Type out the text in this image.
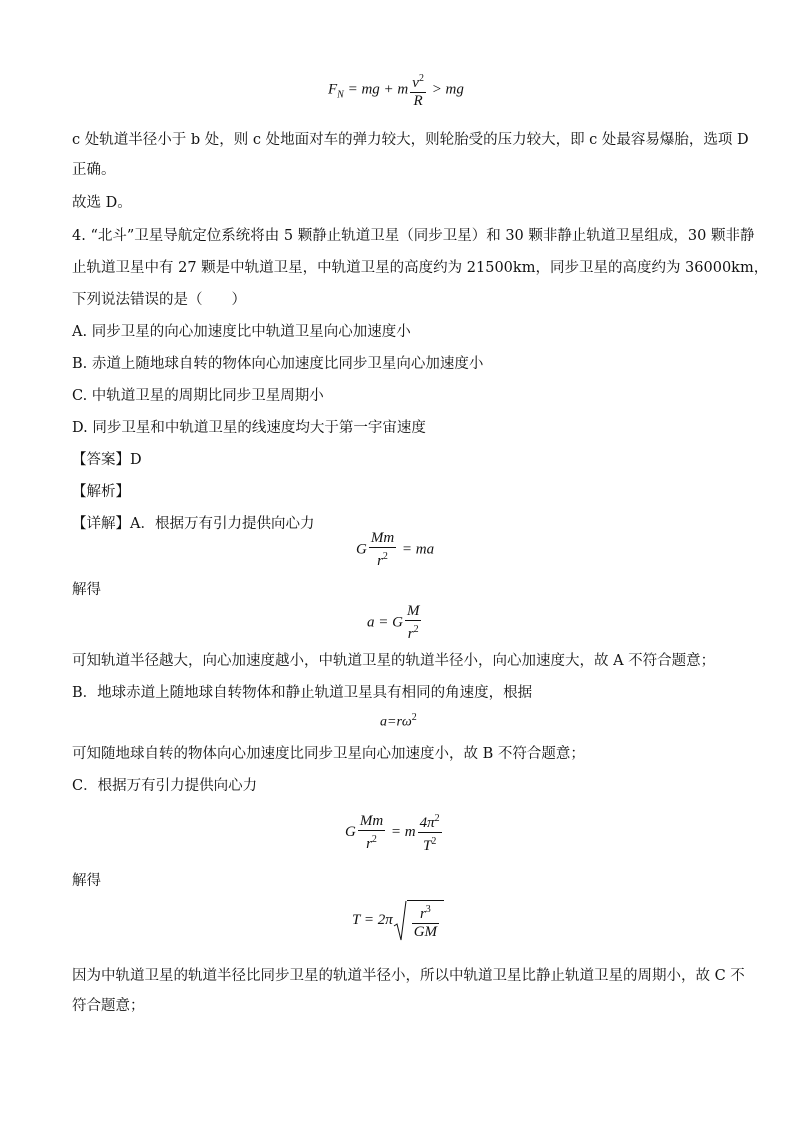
$F_N$ = mg + m $\frac{v^2}{R}$ > mg
c 处轨道半径小于 b 处，则 c 处地面对车的弹力较大，则轮胎受的压力较大，即 c 处最容易爆胎，选项 D
正确。
故选 D。
4. “北斗”卫星导航定位系统将由 5 颗静止轨道卫星（同步卫星）和 30 颗非静止轨道卫星组成，30 颗非静
止轨道卫星中有 27 颗是中轨道卫星，中轨道卫星的高度约为 21500km，同步卫星的高度约为 36000km，
下列说法错误的是（　　）
A. 同步卫星的向心加速度比中轨道卫星向心加速度小
B. 赤道上随地球自转的物体向心加速度比同步卫星向心加速度小
C. 中轨道卫星的周期比同步卫星周期小
D. 同步卫星和中轨道卫星的线速度均大于第一宇宙速度
【答案】D
【解析】
【详解】A．根据万有引力提供向心力
G $\frac{Mm}{r^2}$ = ma
解得
a = G $\frac{M}{r^2}$
可知轨道半径越大，向心加速度越小，中轨道卫星的轨道半径小，向心加速度大，故 A 不符合题意；
B．地球赤道上随地球自转物体和静止轨道卫星具有相同的角速度，根据
$a=r\omega^2$
可知随地球自转的物体向心加速度比同步卫星向心加速度小，故 B 不符合题意；
C．根据万有引力提供向心力
G $\frac{Mm}{r^2} = m \frac{4\pi^2}{T^2}$
解得
$T = 2\pi \frac{r^3}{GM}$
因为中轨道卫星的轨道半径比同步卫星的轨道半径小，所以中轨道卫星比静止轨道卫星的周期小，故 C 不
符合题意；
